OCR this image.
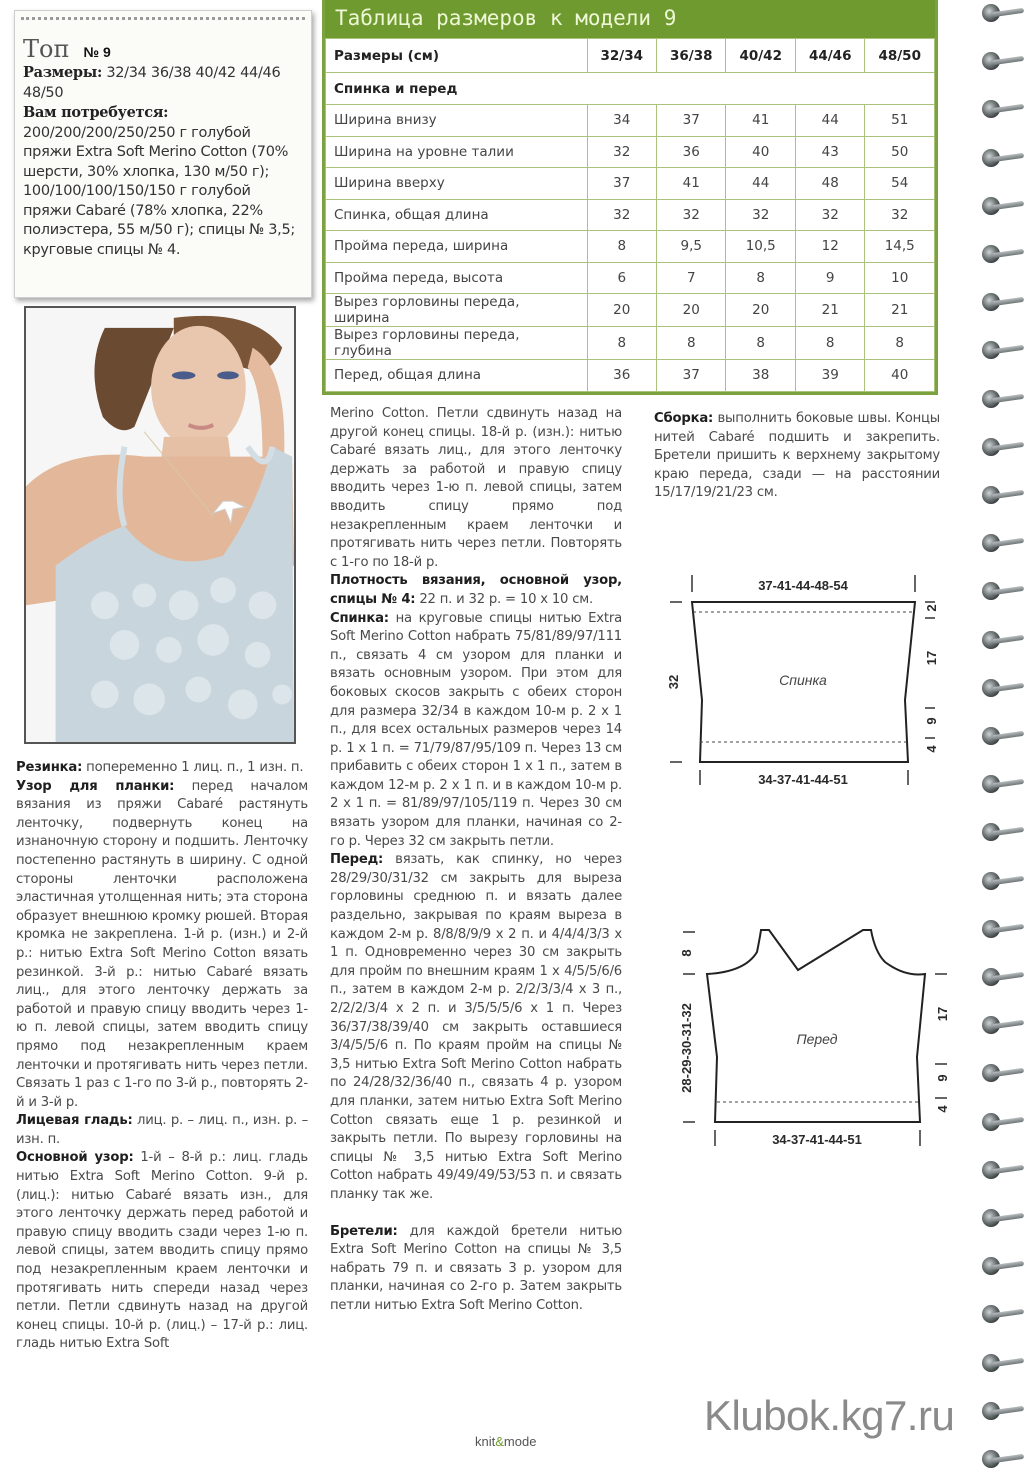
Топ № 9
Размеры: 32/34 36/38 40/42 44/46 48/50
Вам потребуется:
200/200/200/250/250 г голубой пряжи Extra Soft Merino Cotton (70% шерсти, 30% хлопка, 130 м/50 г); 100/100/100/150/150 г голубой пряжи Cabaré (78% хлопка, 22% полиэстера, 55 м/50 г); спицы № 3,5; круговые спицы № 4.
Таблица размеров к модели 9
Размеры (см)	32/34	36/38	40/42	44/46	48/50
Спинка и перед					
Ширина внизу	34	37	41	44	51
Ширина на уровне талии	32	36	40	43	50
Ширина вверху	37	41	44	48	54
Спинка, общая длина	32	32	32	32	32
Пройма переда, ширина	8	9,5	10,5	12	14,5
Пройма переда, высота	6	7	8	9	10
Вырез горловины переда, ширина	20	20	20	21	21
Вырез горловины переда, глубина	8	8	8	8	8
Перед, общая длина	36	37	38	39	40

Резинка: попеременно 1 лиц. п., 1 изн. п.

Узор для планки: перед началом вязания из пряжи Cabaré растянуть ленточку, подвернуть конец на изнаночную сторону и подшить. Ленточку постепенно растянуть в ширину. С одной стороны ленточки расположена эластичная утолщенная нить; эта сторона образует внешнюю кромку рюшей. Вторая кромка не закреплена. 1-й р. (изн.) и 2-й р.: нитью Extra Soft Merino Cotton вязать резинкой. 3-й р.: нитью Cabaré вязать лиц., для этого ленточку держать за работой и правую спицу вводить через 1-ю п. левой спицы, затем вводить спицу прямо под незакрепленным краем ленточки и протягивать нить через петли.

Связать 1 раз с 1-го по 3-й р., повторять 2-й и 3-й р.

Лицевая гладь: лиц. р. – лиц. п., изн. р. – изн. п.

Основной узор: 1-й – 8-й р.: лиц. гладь нитью Extra Soft Merino Cotton. 9-й р. (лиц.): нитью Cabaré вязать изн., для этого ленточку держать перед работой и правую спицу вводить сзади через 1-ю п. левой спицы, затем вводить спицу прямо под незакрепленным краем ленточки и протягивать нить спереди назад через петли. Петли сдвинуть назад на другой конец спицы. 10-й р. (лиц.) – 17-й р.: лиц. гладь нитью Extra Soft

Merino Cotton. Петли сдвинуть назад на другой конец спицы. 18-й р. (изн.): нитью Cabaré вязать лиц., для этого ленточку держать за работой и правую спицу вводить через 1-ю п. левой спицы, затем вводить спицу прямо под незакрепленным краем ленточки и протягивать нить через петли. Повторять с 1-го по 18-й р.

Плотность вязания, основной узор, спицы № 4: 22 п. и 32 р. = 10 х 10 см.

Спинка: на круговые спицы нитью Extra Soft Merino Cotton набрать 75/81/89/97/111 п., связать 4 см узором для планки и вязать основным узором. При этом для боковых скосов закрыть с обеих сторон для размера 32/34 в каждом 10-м р. 2 х 1 п., для всех остальных размеров через 14 р. 1 х 1 п. = 71/79/87/95/109 п. Через 13 см прибавить с обеих сторон 1 х 1 п., затем в каждом 12-м р. 2 х 1 п. и в каждом 10-м р. 2 х 1 п. = 81/89/97/105/119 п. Через 30 см вязать узором для планки, начиная со 2-го р. Через 32 см закрыть петли.

Перед: вязать, как спинку, но через 28/29/30/31/32 см закрыть для выреза горловины среднюю п. и вязать далее раздельно, закрывая по краям выреза в каждом 2-м р. 8/8/8/9/9 х 2 п. и 4/4/4/3/3 х 1 п. Одновременно через 30 см закрыть для пройм по внешним краям 1 х 4/5/5/6/6 п., затем в каждом 2-м р. 2/2/3/3/4 х 3 п., 2/2/2/3/4 х 2 п. и 3/5/5/5/6 х 1 п. Через 36/37/38/39/40 см закрыть оставшиеся 3/4/5/5/6 п. По краям пройм на спицы № 3,5 нитью Extra Soft Merino Cotton набрать по 24/28/32/36/40 п., связать 4 р. узором для планки, затем нитью Extra Soft Merino Cotton связать еще 1 р. резинкой и закрыть петли. По вырезу горловины на спицы № 3,5 нитью Extra Soft Merino Cotton набрать 49/49/49/53/53 п. и связать планку так же.

Бретели: для каждой бретели нитью Extra Soft Merino Cotton на спицы № 3,5 набрать 79 п. и связать 3 р. узором для планки, начиная со 2-го р. Затем закрыть петли нитью Extra Soft Merino Cotton.

Сборка: выполнить боковые швы. Концы нитей Cabaré подшить и закрепить. Бретели пришить к верхнему закрытому краю переда, сзади — на расстоянии 15/17/19/21/23 см.

37-41-44-48-54
32	Спинка
2
17
9
4
34-37-41-44-51
Перед
8
28-29-30-31-32	17
9
4
34-37-41-44-51
knit&mode
Klubok.kg7.ru
